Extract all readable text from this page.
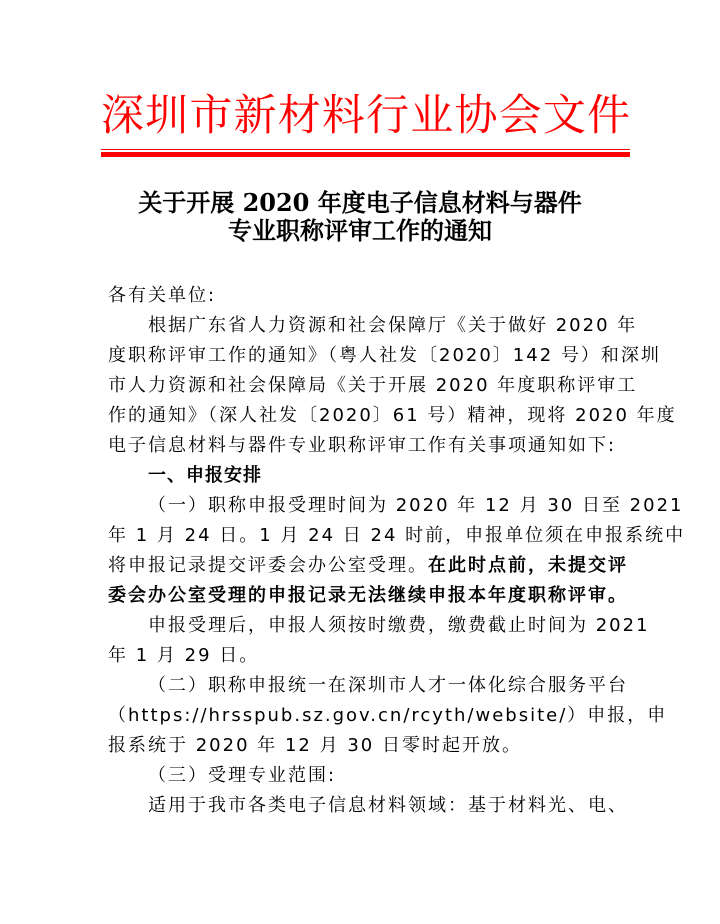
深圳市新材料行业协会文件
关于开展 2020 年度电子信息材料与器件
专业职称评审工作的通知
各有关单位:
根据广东省人力资源和社会保障厅《关于做好 2020 年
度职称评审工作的通知》（粤人社发〔2020〕142 号）和深圳
市人力资源和社会保障局《关于开展 2020 年度职称评审工
作的通知》（深人社发〔2020〕61 号）精神，现将 2020 年度
电子信息材料与器件专业职称评审工作有关事项通知如下:
一、申报安排
（一）职称申报受理时间为 2020 年 12 月 30 日至 2021
年 1 月 24 日。1 月 24 日 24 时前，申报单位须在申报系统中
将申报记录提交评委会办公室受理。在此时点前，未提交评
委会办公室受理的申报记录无法继续申报本年度职称评审。
申报受理后，申报人须按时缴费，缴费截止时间为 2021
年 1 月 29 日。
（二）职称申报统一在深圳市人才一体化综合服务平台
（https://hrsspub.sz.gov.cn/rcyth/website/）申报，申
报系统于 2020 年 12 月 30 日零时起开放。
（三）受理专业范围:
适用于我市各类电子信息材料领域：基于材料光、电、
